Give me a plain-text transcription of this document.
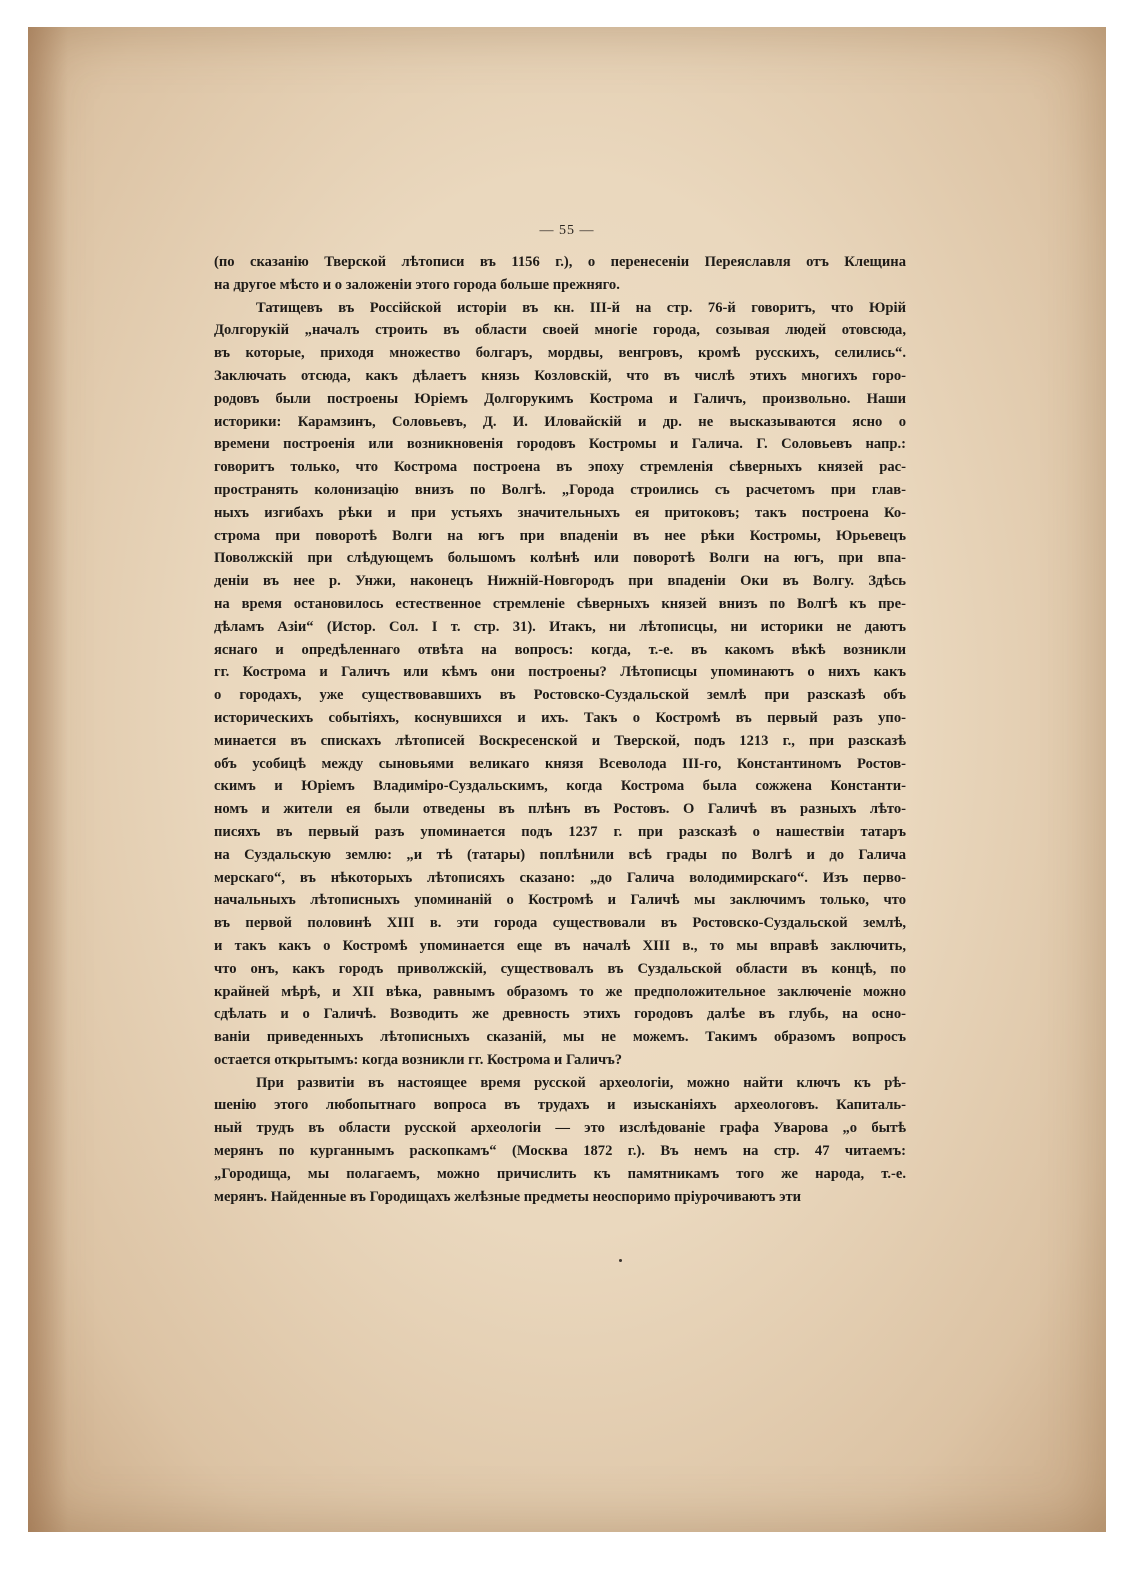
— 55 —
(по сказанію Тверской лѣтописи въ 1156 г.), о перенесеніи Переяславля отъ Клещина
на другое мѣсто и о заложеніи этого города больше прежняго.
Татищевъ въ Россійской исторіи въ кн. III-й на стр. 76-й говоритъ, что Юрій
Долгорукій „началъ строить въ области своей многіе города, созывая людей отовсюда,
въ которые, приходя множество болгаръ, мордвы, венгровъ, кромѣ русскихъ, селились“.
Заключать отсюда, какъ дѣлаетъ князь Козловскій, что въ числѣ этихъ многихъ горо-
родовъ были построены Юріемъ Долгорукимъ Кострома и Галичъ, произвольно. Наши
историки: Карамзинъ, Соловьевъ, Д. И. Иловайскій и др. не высказываются ясно о
времени построенія или возникновенія городовъ Костромы и Галича. Г. Соловьевъ напр.:
говоритъ только, что Кострома построена въ эпоху стремленія сѣверныхъ князей рас-
пространять колонизацію внизъ по Волгѣ. „Города строились съ расчетомъ при глав-
ныхъ изгибахъ рѣки и при устьяхъ значительныхъ ея притоковъ; такъ построена Ко-
строма при поворотѣ Волги на югъ при впаденіи въ нее рѣки Костромы, Юрьевецъ
Поволжскій при слѣдующемъ большомъ колѣнѣ или поворотѣ Волги на югъ, при впа-
деніи въ нее р. Унжи, наконецъ Нижній-Новгородъ при впаденіи Оки въ Волгу. Здѣсь
на время остановилось естественное стремленіе сѣверныхъ князей внизъ по Волгѣ къ пре-
дѣламъ Азіи“ (Истор. Сол. I т. стр. 31). Итакъ, ни лѣтописцы, ни историки не даютъ
яснаго и опредѣленнаго отвѣта на вопросъ: когда, т.-е. въ какомъ вѣкѣ возникли
гг. Кострома и Галичъ или кѣмъ они построены? Лѣтописцы упоминаютъ о нихъ какъ
о городахъ, уже существовавшихъ въ Ростовско-Суздальской землѣ при разсказѣ объ
историческихъ событіяхъ, коснувшихся и ихъ. Такъ о Костромѣ въ первый разъ упо-
минается въ спискахъ лѣтописей Воскресенской и Тверской, подъ 1213 г., при разсказѣ
объ усобицѣ между сыновьями великаго князя Всеволода III-го, Константиномъ Ростов-
скимъ и Юріемъ Владиміро-Суздальскимъ, когда Кострома была сожжена Константи-
номъ и жители ея были отведены въ плѣнъ въ Ростовъ. О Галичѣ въ разныхъ лѣто-
писяхъ въ первый разъ упоминается подъ 1237 г. при разсказѣ о нашествіи татаръ
на Суздальскую землю: „и тѣ (татары) поплѣнили всѣ грады по Волгѣ и до Галича
мерскаго“, въ нѣкоторыхъ лѣтописяхъ сказано: „до Галича володимирскаго“. Изъ перво-
начальныхъ лѣтописныхъ упоминаній о Костромѣ и Галичѣ мы заключимъ только, что
въ первой половинѣ XIII в. эти города существовали въ Ростовско-Суздальской землѣ,
и такъ какъ о Костромѣ упоминается еще въ началѣ XIII в., то мы вправѣ заключить,
что онъ, какъ городъ приволжскій, существовалъ въ Суздальской области въ концѣ, по
крайней мѣрѣ, и XII вѣка, равнымъ образомъ то же предположительное заключеніе можно
сдѣлать и о Галичѣ. Возводить же древность этихъ городовъ далѣе въ глубь, на осно-
ваніи приведенныхъ лѣтописныхъ сказаній, мы не можемъ. Такимъ образомъ вопросъ
остается открытымъ: когда возникли гг. Кострома и Галичъ?
При развитіи въ настоящее время русской археологіи, можно найти ключъ къ рѣ-
шенію этого любопытнаго вопроса въ трудахъ и изысканіяхъ археологовъ. Капиталь-
ный трудъ въ области русской археологіи — это изслѣдованіе графа Уварова „о бытѣ
мерянъ по курганнымъ раскопкамъ“ (Москва 1872 г.). Въ немъ на стр. 47 читаемъ:
„Городища, мы полагаемъ, можно причислить къ памятникамъ того же народа, т.-е.
мерянъ. Найденные въ Городищахъ желѣзные предметы неоспоримо пріурочиваютъ эти
